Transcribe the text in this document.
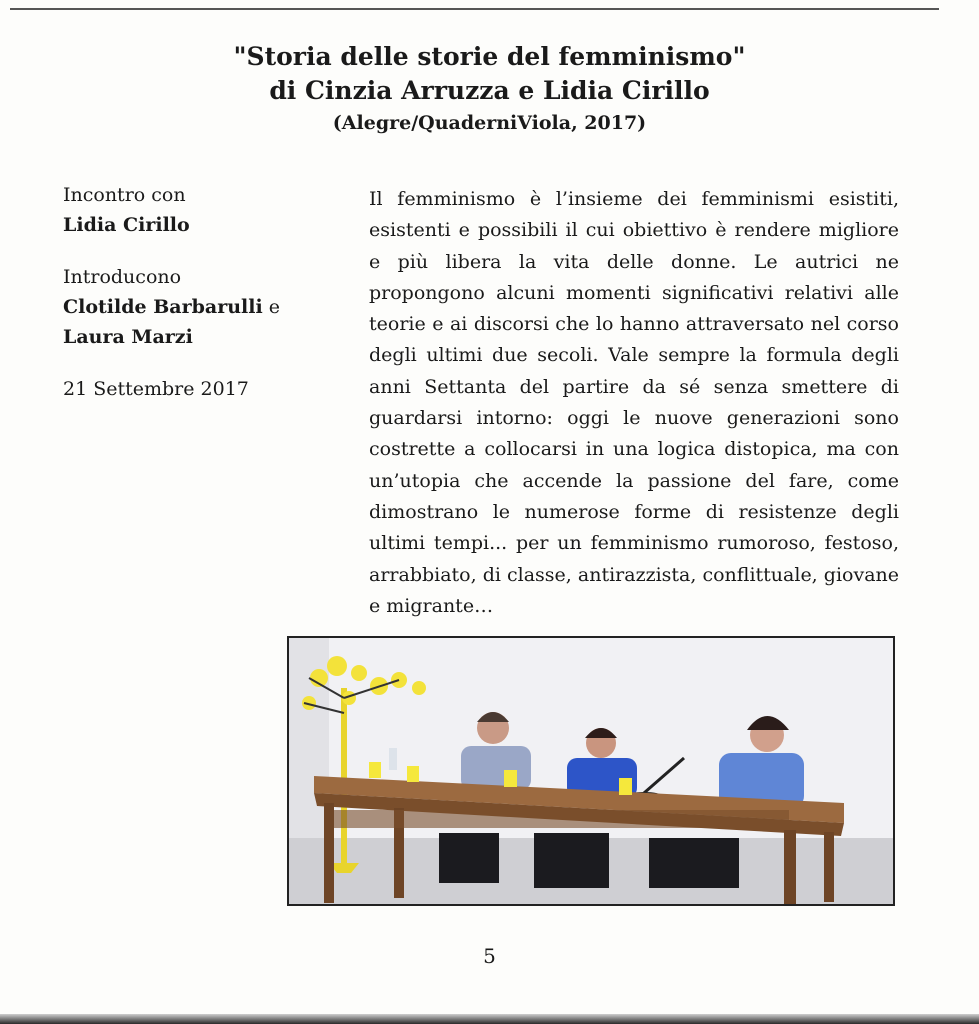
"Storia delle storie del femminismo"
di Cinzia Arruzza e Lidia Cirillo
(Alegre/QuaderniViola, 2017)
Incontro con
Lidia Cirillo
Introducono
Clotilde Barbarulli e
Laura Marzi
21 Settembre 2017
Il femminismo è l’insieme dei femminismi esistiti, esistenti e possibili il cui obiettivo è rendere migliore e più libera la vita delle donne. Le autrici ne propongono alcuni momenti significativi relativi alle teorie e ai discorsi che lo hanno attraversato nel corso degli ultimi due secoli. Vale sempre la formula degli anni Settanta del partire da sé senza smettere di guardarsi intorno: oggi le nuove generazioni sono costrette a collocarsi in una logica distopica, ma con un’utopia che accende la passione del fare, come dimostrano le numerose forme di resistenze degli ultimi tempi... per un femminismo rumoroso, festoso, arrabbiato, di classe, antirazzista, conflittuale, giovane e migrante…
5
